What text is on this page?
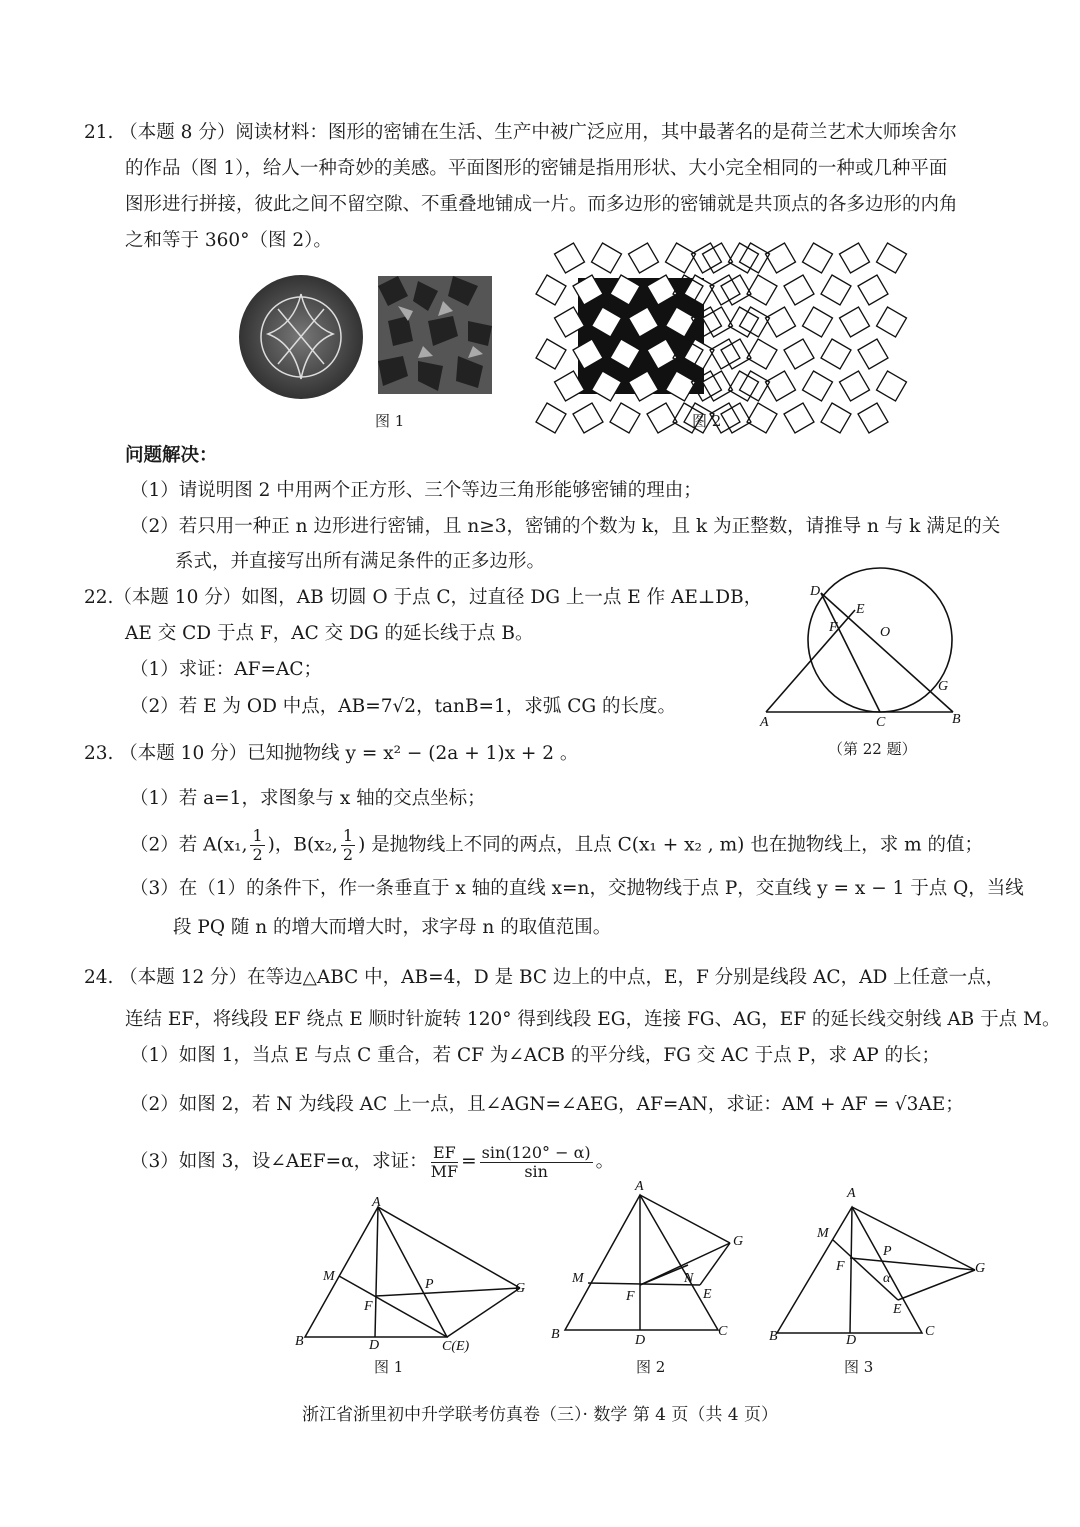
21. （本题 8 分）阅读材料：图形的密铺在生活、生产中被广泛应用，其中最著名的是荷兰艺术大师埃舍尔
的作品（图 1），给人一种奇妙的美感。平面图形的密铺是指用形状、大小完全相同的一种或几种平面
图形进行拼接，彼此之间不留空隙、不重叠地铺成一片。而多边形的密铺就是共顶点的各多边形的内角
之和等于 360°（图 2）。
图 1	图 2
问题解决：
（1）请说明图 2 中用两个正方形、三个等边三角形能够密铺的理由；
（2）若只用一种正 n 边形进行密铺，且 n≥3，密铺的个数为 k，且 k 为正整数，请推导 n 与 k 满足的关
系式，并直接写出所有满足条件的正多边形。
22.（本题 10 分）如图，AB 切圆 O 于点 C，过直径 DG 上一点 E 作 AE⊥DB，
AE 交 CD 于点 F，AC 交 DG 的延长线于点 B。
（1）求证：AF=AC；
（2）若 E 为 OD 中点，AB=7√2，tanB=1，求弧 CG 的长度。
D
E
F	O
G
A	C	B
（第 22 题）
23. （本题 10 分）已知抛物线 y = x² − (2a + 1)x + 2 。
（1）若 a=1，求图象与 x 轴的交点坐标；
（2）若 A(x₁, $\frac{1}{2}$ )，B(x₂, $\frac{1}{2}$ ) 是抛物线上不同的两点，且点 C(x₁ + x₂ , m) 也在抛物线上，求 m 的值；
（3）在（1）的条件下，作一条垂直于 x 轴的直线 x=n，交抛物线于点 P，交直线 y = x − 1 于点 Q，当线
段 PQ 随 n 的增大而增大时，求字母 n 的取值范围。
24. （本题 12 分）在等边△ABC 中，AB=4，D 是 BC 边上的中点，E，F 分别是线段 AC，AD 上任意一点，
连结 EF，将线段 EF 绕点 E 顺时针旋转 120° 得到线段 EG，连接 FG、AG，EF 的延长线交射线 AB 于点 M。
（1）如图 1，当点 E 与点 C 重合，若 CF 为∠ACB 的平分线，FG 交 AC 于点 P，求 AP 的长；
（2）如图 2，若 N 为线段 AC 上一点，且∠AGN=∠AEG，AF=AN，求证：AM + AF = √3AE；
（3）如图 3，设∠AEF=α，求证： $\frac{EF}{MF} = \frac{\sin(120^\circ - \alpha)}{\sin}$ 。
A
M
P	G
F
B	D	C(E)
A
G
M	N
F	E
B	D
C
A
M
P
F
α
G
E
B	D
C
图 1	图 2	图 3
浙江省浙里初中升学联考仿真卷（三）· 数学 第 4 页（共 4 页）
